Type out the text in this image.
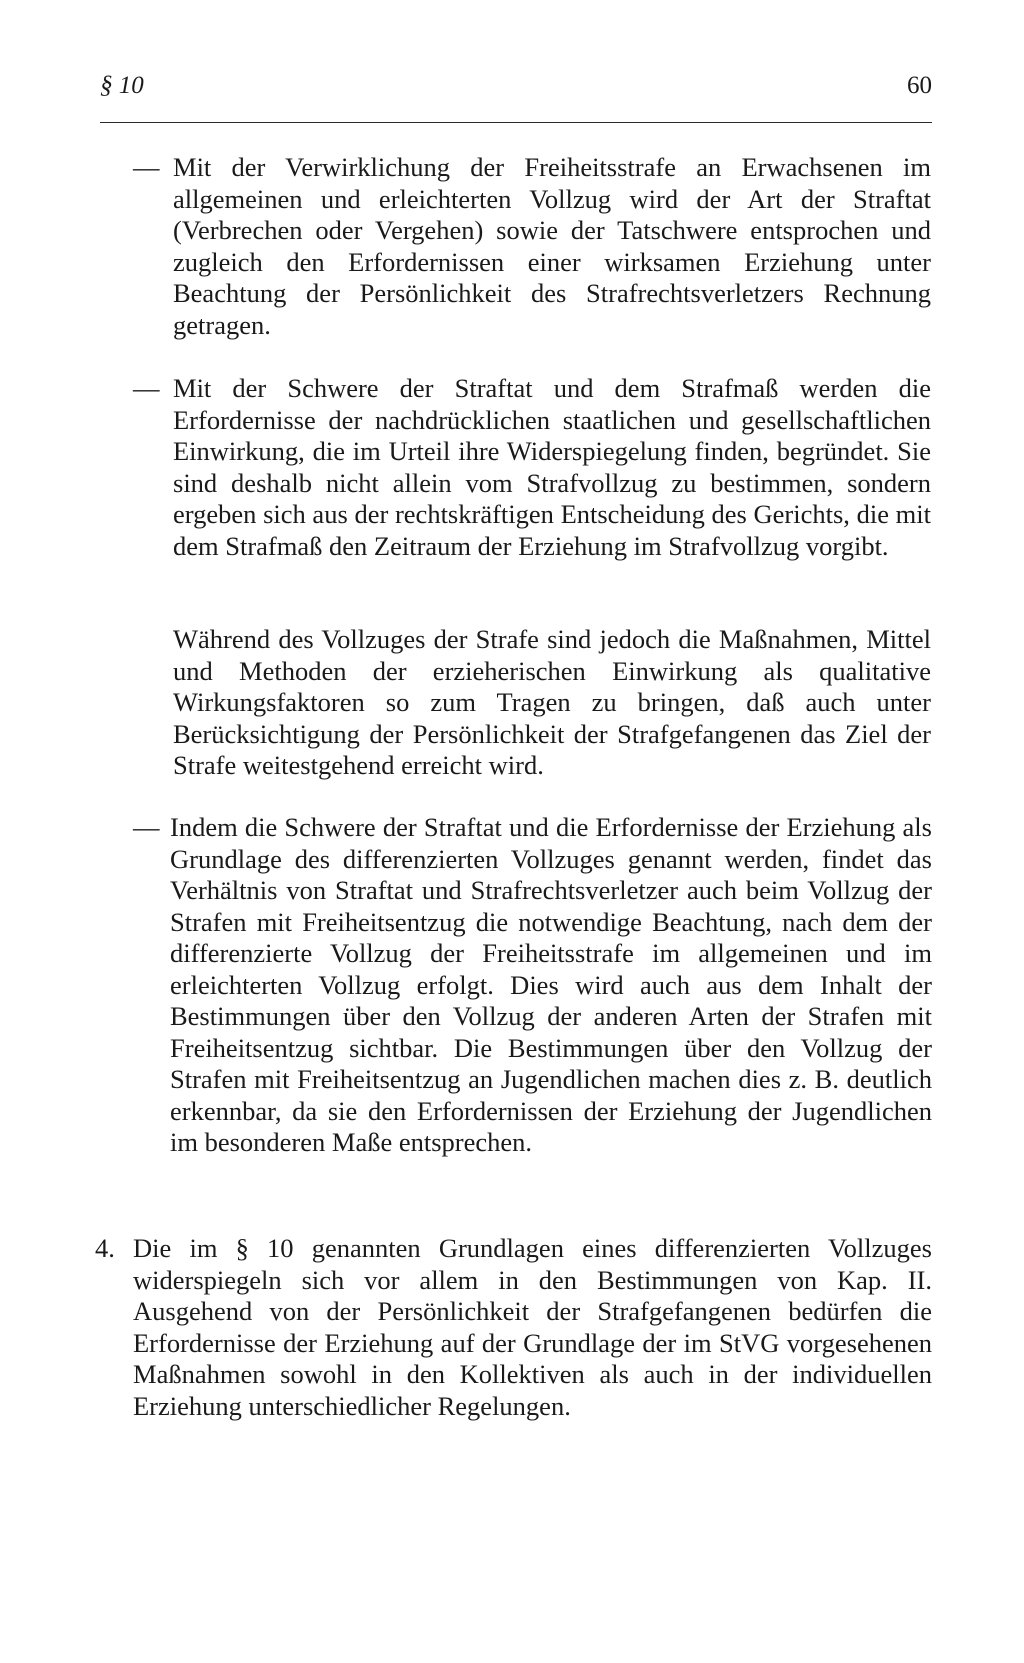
§ 10	60
— Mit der Verwirklichung der Freiheitsstrafe an Erwachsenen im allgemeinen und erleichterten Vollzug wird der Art der Straftat (Verbrechen oder Vergehen) sowie der Tatschwere entsprochen und zugleich den Erfordernissen einer wirksamen Erziehung unter Beachtung der Persönlichkeit des Strafrechtsverletzers Rechnung getragen.

— Mit der Schwere der Straftat und dem Strafmaß werden die Erfordernisse der nachdrücklichen staatlichen und gesellschaftlichen Einwirkung, die im Urteil ihre Widerspiegelung finden, begründet. Sie sind deshalb nicht allein vom Strafvollzug zu bestimmen, sondern ergeben sich aus der rechtskräftigen Entscheidung des Gerichts, die mit dem Strafmaß den Zeitraum der Erziehung im Strafvollzug vorgibt.

Während des Vollzuges der Strafe sind jedoch die Maßnahmen, Mittel und Methoden der erzieherischen Einwirkung als qualitative Wirkungsfaktoren so zum Tragen zu bringen, daß auch unter Berücksichtigung der Persönlichkeit der Strafgefangenen das Ziel der Strafe weitestgehend erreicht wird.

— Indem die Schwere der Straftat und die Erfordernisse der Erziehung als Grundlage des differenzierten Vollzuges genannt werden, findet das Verhältnis von Straftat und Strafrechtsverletzer auch beim Vollzug der Strafen mit Freiheitsentzug die notwendige Beachtung, nach dem der differenzierte Vollzug der Freiheitsstrafe im allgemeinen und im erleichterten Vollzug erfolgt. Dies wird auch aus dem Inhalt der Bestimmungen über den Vollzug der anderen Arten der Strafen mit Freiheitsentzug sichtbar. Die Bestimmungen über den Vollzug der Strafen mit Freiheitsentzug an Jugendlichen machen dies z. B. deutlich erkennbar, da sie den Erfordernissen der Erziehung der Jugendlichen im besonderen Maße entsprechen.

4. Die im § 10 genannten Grundlagen eines differenzierten Vollzuges widerspiegeln sich vor allem in den Bestimmungen von Kap. II. Ausgehend von der Persönlichkeit der Strafgefangenen bedürfen die Erfordernisse der Erziehung auf der Grundlage der im StVG vorgesehenen Maßnahmen sowohl in den Kollektiven als auch in der individuellen Erziehung unterschiedlicher Regelungen.
